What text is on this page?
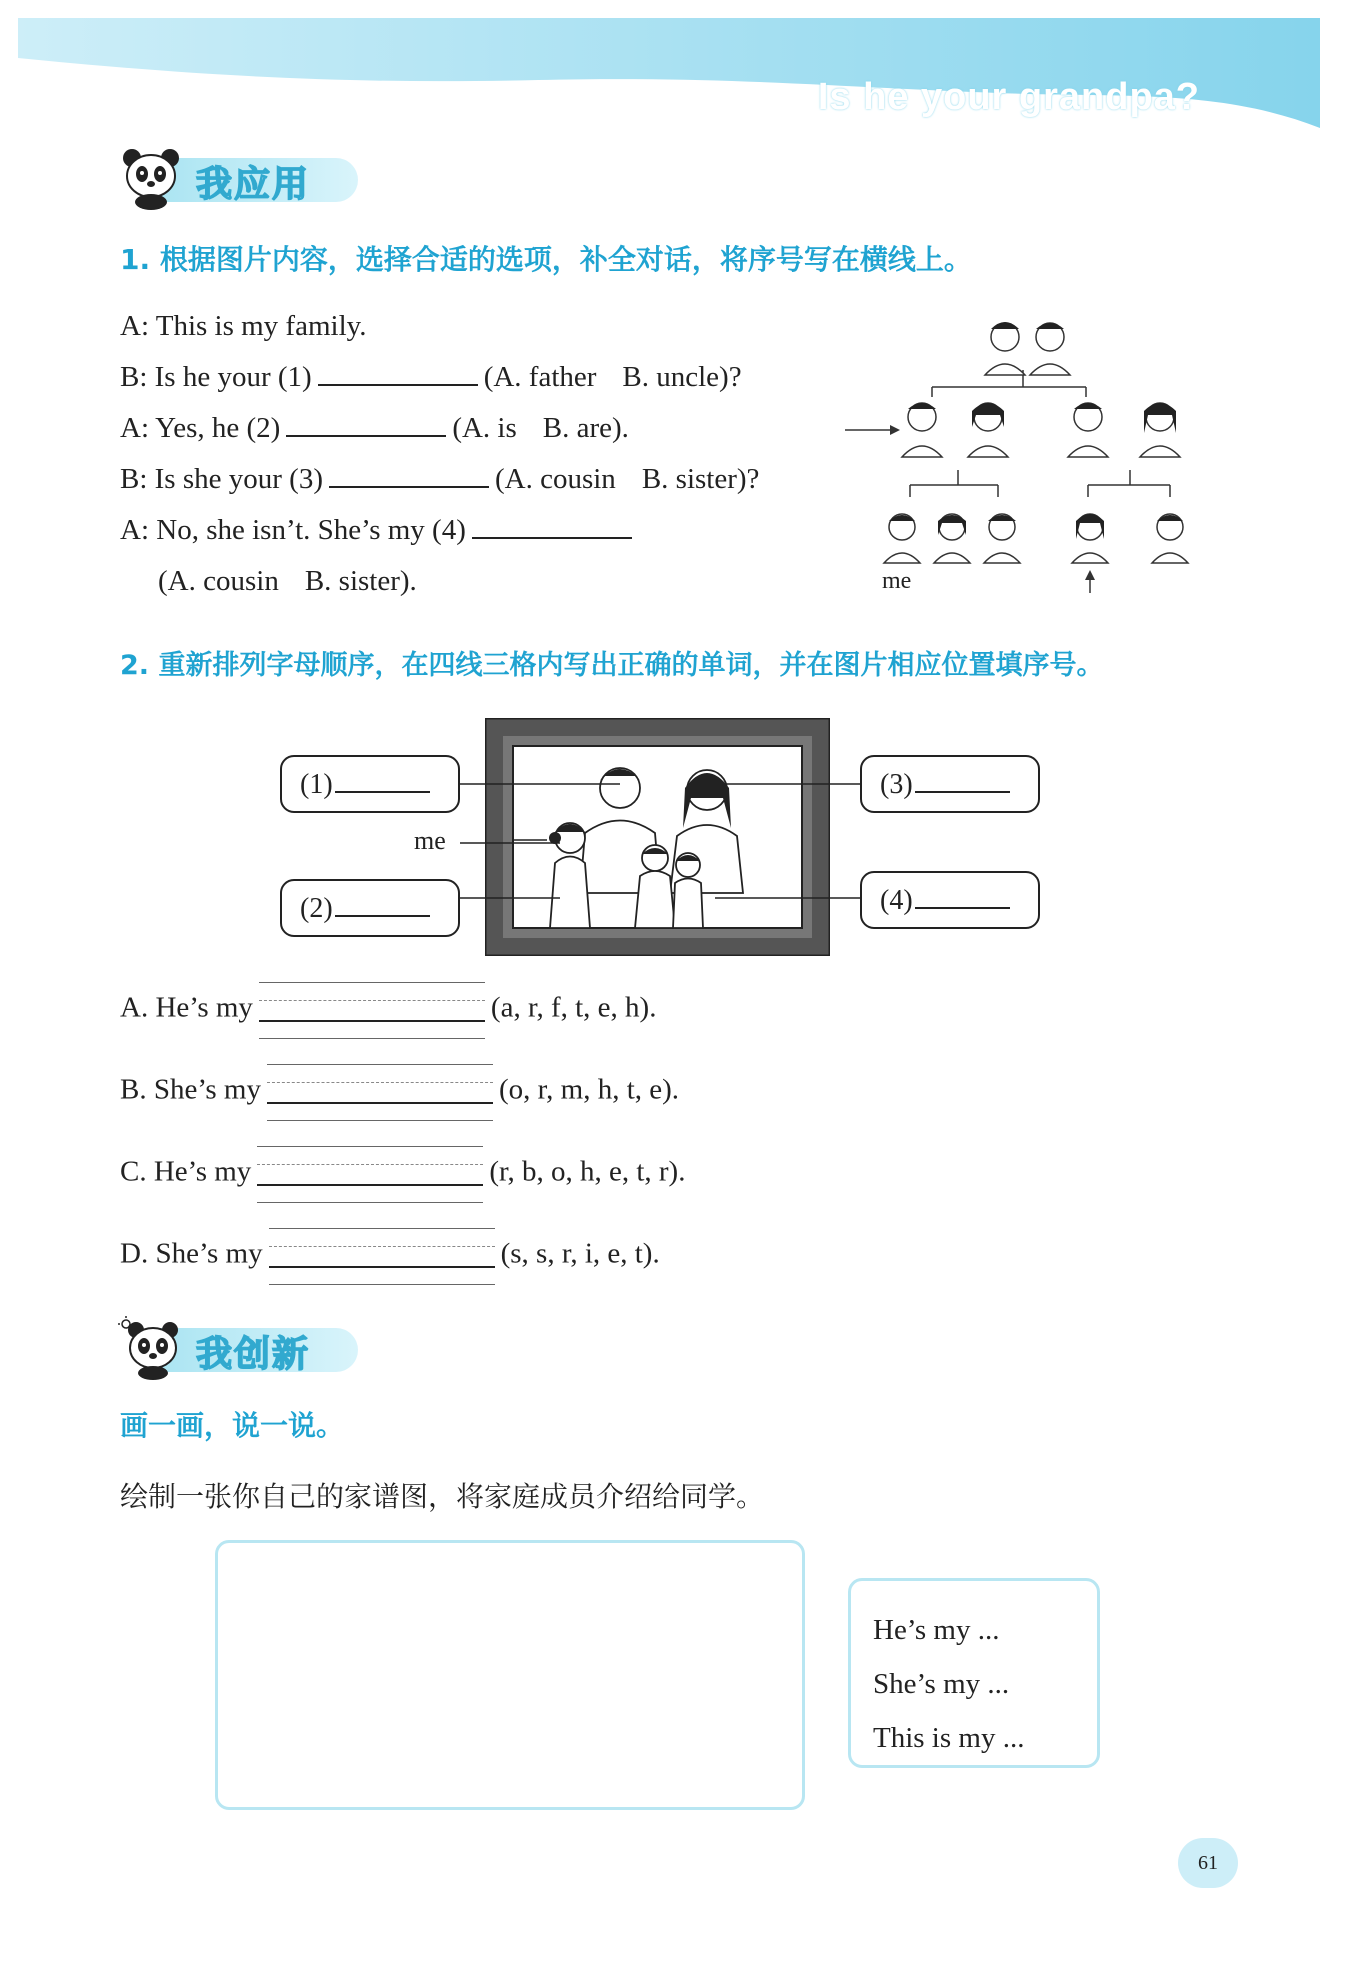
Is he your grandpa?
我应用
1. 根据图片内容，选择合适的选项，补全对话，将序号写在横线上。
A: This is my family.
B: Is he your (1)	(A. father B. uncle)?
A: Yes, he (2)	(A. is B. are).
B: Is she your (3)	(A. cousin B. sister)?
A: No, she isn’t. She’s my (4)
(A. cousin B. sister).	me
2. 重新排列字母顺序，在四线三格内写出正确的单词，并在图片相应位置填序号。
me
(1)
(2)
(3)
(4)
A. He’s my	(a, r, f, t, e, h).
B. She’s my	(o, r, m, h, t, e).
C. He’s my	(r, b, o, h, e, t, r).
D. She’s my	(s, s, r, i, e, t).
我创新
画一画，说一说。
绘制一张你自己的家谱图，将家庭成员介绍给同学。
He’s my ...
She’s my ...
This is my ...
61
